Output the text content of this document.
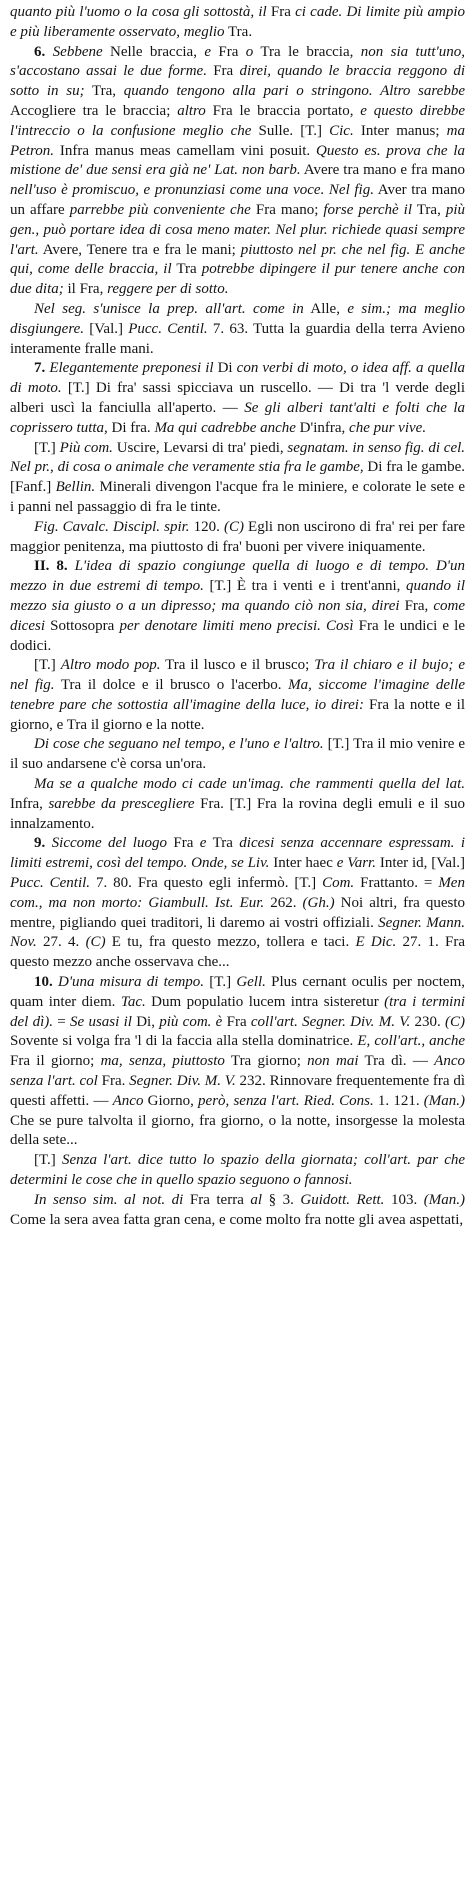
quanto più l'uomo o la cosa gli sottostà, il Fra ci cade. Di limite più ampio e più liberamente osservato, meglio Tra.

6. Sebbene Nelle braccia, e Fra o Tra le braccia, non sia tutt'uno, s'accostano assai le due forme. Fra direi, quando le braccia reggono di sotto in su; Tra, quando tengono alla pari o stringono. Altro sarebbe Accogliere tra le braccia; altro Fra le braccia portato, e questo direbbe l'intreccio o la confusione meglio che Sulle. [T.] Cic. Inter manus; ma Petron. Infra manus meas camellam vini posuit. Questo es. prova che la mistione de' due sensi era già ne' Lat. non barb. Avere tra mano e fra mano nell'uso è promiscuo, e pronunziasi come una voce. Nel fig. Aver tra mano un affare parrebbe più conveniente che Fra mano; forse perchè il Tra, più gen., può portare idea di cosa meno mater. Nel plur. richiede quasi sempre l'art. Avere, Tenere tra e fra le mani; piuttosto nel pr. che nel fig. E anche qui, come delle braccia, il Tra potrebbe dipingere il pur tenere anche con due dita; il Fra, reggere per di sotto.

Nel seg. s'unisce la prep. all'art. come in Alle, e sim.; ma meglio disgiungere. [Val.] Pucc. Centil. 7. 63. Tutta la guardia della terra Avieno interamente fralle mani.

7. Elegantemente preponesi il Di con verbi di moto, o idea aff. a quella di moto. [T.] Di fra' sassi spicciava un ruscello. — Di tra 'l verde degli alberi uscì la fanciulla all'aperto. — Se gli alberi tant'alti e folti che la coprissero tutta, Di fra. Ma qui cadrebbe anche D'infra, che pur vive.

[T.] Più com. Uscire, Levarsi di tra' piedi, segnatam. in senso fig. di cel. Nel pr., di cosa o animale che veramente stia fra le gambe, Di fra le gambe. [Fanf.] Bellin. Minerali divengon l'acque fra le miniere, e colorate le sete e i panni nel passaggio di fra le tinte.

Fig. Cavalc. Discipl. spir. 120. (C) Egli non uscirono di fra' rei per fare maggior penitenza, ma piuttosto di fra' buoni per vivere iniquamente.

II. 8. L'idea di spazio congiunge quella di luogo e di tempo. D'un mezzo in due estremi di tempo. [T.] È tra i venti e i trent'anni, quando il mezzo sia giusto o a un dipresso; ma quando ciò non sia, direi Fra, come dicesi Sottosopra per denotare limiti meno precisi. Così Fra le undici e le dodici.

[T.] Altro modo pop. Tra il lusco e il brusco; Tra il chiaro e il bujo; e nel fig. Tra il dolce e il brusco o l'acerbo. Ma, siccome l'imagine delle tenebre pare che sottostia all'imagine della luce, io direi: Fra la notte e il giorno, e Tra il giorno e la notte.

Di cose che seguano nel tempo, e l'uno e l'altro. [T.] Tra il mio venire e il suo andarsene c'è corsa un'ora.

Ma se a qualche modo ci cade un'imag. che rammenti quella del lat. Infra, sarebbe da prescegliere Fra. [T.] Fra la rovina degli emuli e il suo innalzamento.

9. Siccome del luogo Fra e Tra dicesi senza accennare espressam. i limiti estremi, così del tempo. Onde, se Liv. Inter haec e Varr. Inter id, [Val.] Pucc. Centil. 7. 80. Fra questo egli infermò. [T.] Com. Frattanto. = Men com., ma non morto: Giambull. Ist. Eur. 262. (Gh.) Noi altri, fra questo mentre, pigliando quei traditori, li daremo ai vostri offiziali. Segner. Mann. Nov. 27. 4. (C) E tu, fra questo mezzo, tollera e taci. E Dic. 27. 1. Fra questo mezzo anche osservava che...

10. D'una misura di tempo. [T.] Gell. Plus cernant oculis per noctem, quam inter diem. Tac. Dum populatio lucem intra sisteretur (tra i termini del dì). = Se usasi il Di, più com. è Fra coll'art. Segner. Div. M. V. 230. (C) Sovente si volga fra 'l di la faccia alla stella dominatrice. E, coll'art., anche Fra il giorno; ma, senza, piuttosto Tra giorno; non mai Tra dì. — Anco senza l'art. col Fra. Segner. Div. M. V. 232. Rinnovare frequentemente fra dì questi affetti. — Anco Giorno, però, senza l'art. Ried. Cons. 1. 121. (Man.) Che se pure talvolta il giorno, fra giorno, o la notte, insorgesse la molesta della sete...

[T.] Senza l'art. dice tutto lo spazio della giornata; coll'art. par che determini le cose che in quello spazio seguono o fannosi.

In senso sim. al not. di Fra terra al § 3. Guidott. Rett. 103. (Man.) Come la sera avea fatta gran cena, e come molto fra notte gli avea aspettati,
